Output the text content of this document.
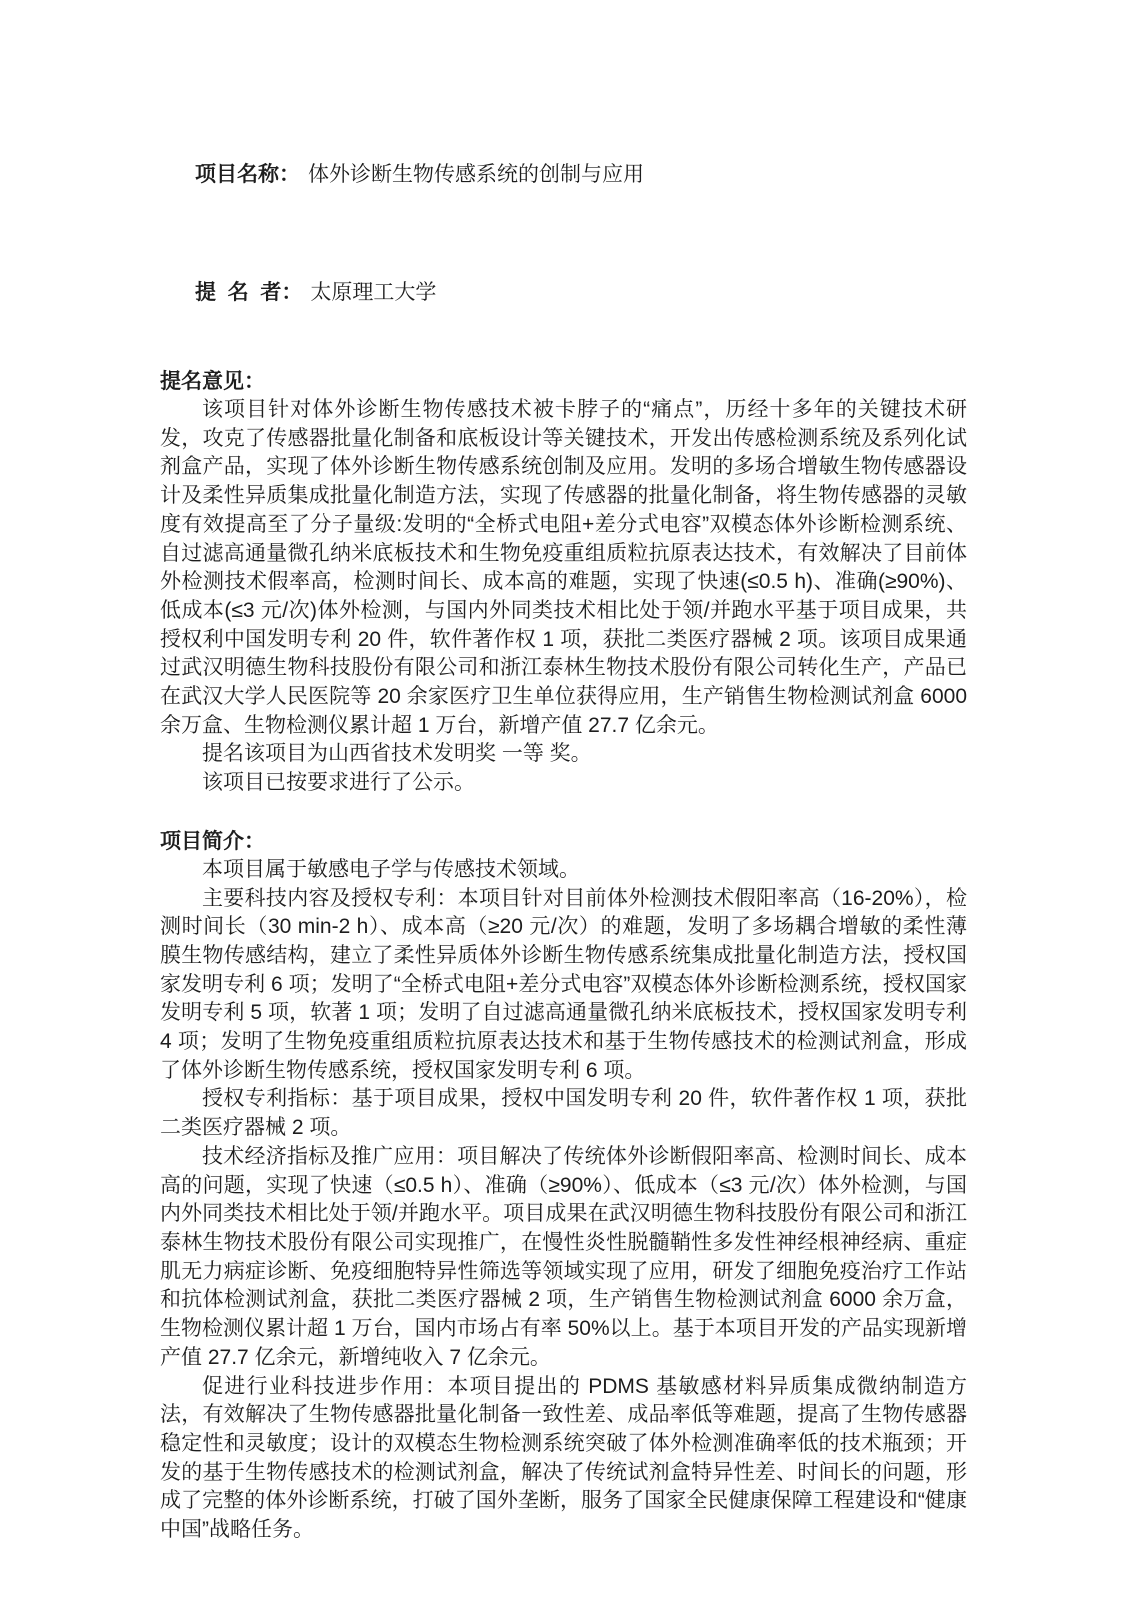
项目名称： 体外诊断生物传感系统的创制与应用

提  名  者： 太原理工大学

提名意见：

该项目针对体外诊断生物传感技术被卡脖子的“痛点”，历经十多年的关键技术研发，攻克了传感器批量化制备和底板设计等关键技术，开发出传感检测系统及系列化试剂盒产品，实现了体外诊断生物传感系统创制及应用。发明的多场合增敏生物传感器设计及柔性异质集成批量化制造方法，实现了传感器的批量化制备，将生物传感器的灵敏度有效提高至了分子量级:发明的“全桥式电阻+差分式电容”双模态体外诊断检测系统、自过滤高通量微孔纳米底板技术和生物免疫重组质粒抗原表达技术，有效解决了目前体外检测技术假率高，检测时间长、成本高的难题，实现了快速(≤0.5 h)、准确(≥90%)、低成本(≤3 元/次)体外检测，与国内外同类技术相比处于领/并跑水平基于项目成果，共授权利中国发明专利 20 件，软件著作权 1 项，获批二类医疗器械 2 项。该项目成果通过武汉明德生物科技股份有限公司和浙江泰林生物技术股份有限公司转化生产，产品已在武汉大学人民医院等 20 余家医疗卫生单位获得应用，生产销售生物检测试剂盒 6000 余万盒、生物检测仪累计超 1 万台，新增产值 27.7 亿余元。

提名该项目为山西省技术发明奖 一等 奖。

该项目已按要求进行了公示。

项目简介：

本项目属于敏感电子学与传感技术领域。

主要科技内容及授权专利：本项目针对目前体外检测技术假阳率高（16-20%），检测时间长（30 min-2 h）、成本高（≥20 元/次）的难题，发明了多场耦合增敏的柔性薄膜生物传感结构，建立了柔性异质体外诊断生物传感系统集成批量化制造方法，授权国家发明专利 6 项；发明了“全桥式电阻+差分式电容”双模态体外诊断检测系统，授权国家发明专利 5 项，软著 1 项；发明了自过滤高通量微孔纳米底板技术，授权国家发明专利 4 项；发明了生物免疫重组质粒抗原表达技术和基于生物传感技术的检测试剂盒，形成了体外诊断生物传感系统，授权国家发明专利 6 项。

授权专利指标：基于项目成果，授权中国发明专利 20 件，软件著作权 1 项，获批二类医疗器械 2 项。

技术经济指标及推广应用：项目解决了传统体外诊断假阳率高、检测时间长、成本高的问题，实现了快速（≤0.5 h）、准确（≥90%）、低成本（≤3 元/次）体外检测，与国内外同类技术相比处于领/并跑水平。项目成果在武汉明德生物科技股份有限公司和浙江泰林生物技术股份有限公司实现推广，在慢性炎性脱髓鞘性多发性神经根神经病、重症肌无力病症诊断、免疫细胞特异性筛选等领域实现了应用，研发了细胞免疫治疗工作站和抗体检测试剂盒，获批二类医疗器械 2 项，生产销售生物检测试剂盒 6000 余万盒，生物检测仪累计超 1 万台，国内市场占有率 50%以上。基于本项目开发的产品实现新增产值 27.7 亿余元，新增纯收入 7 亿余元。

促进行业科技进步作用：本项目提出的 PDMS 基敏感材料异质集成微纳制造方法，有效解决了生物传感器批量化制备一致性差、成品率低等难题，提高了生物传感器稳定性和灵敏度；设计的双模态生物检测系统突破了体外检测准确率低的技术瓶颈；开发的基于生物传感技术的检测试剂盒，解决了传统试剂盒特异性差、时间长的问题，形成了完整的体外诊断系统，打破了国外垄断，服务了国家全民健康保障工程建设和“健康中国”战略任务。
